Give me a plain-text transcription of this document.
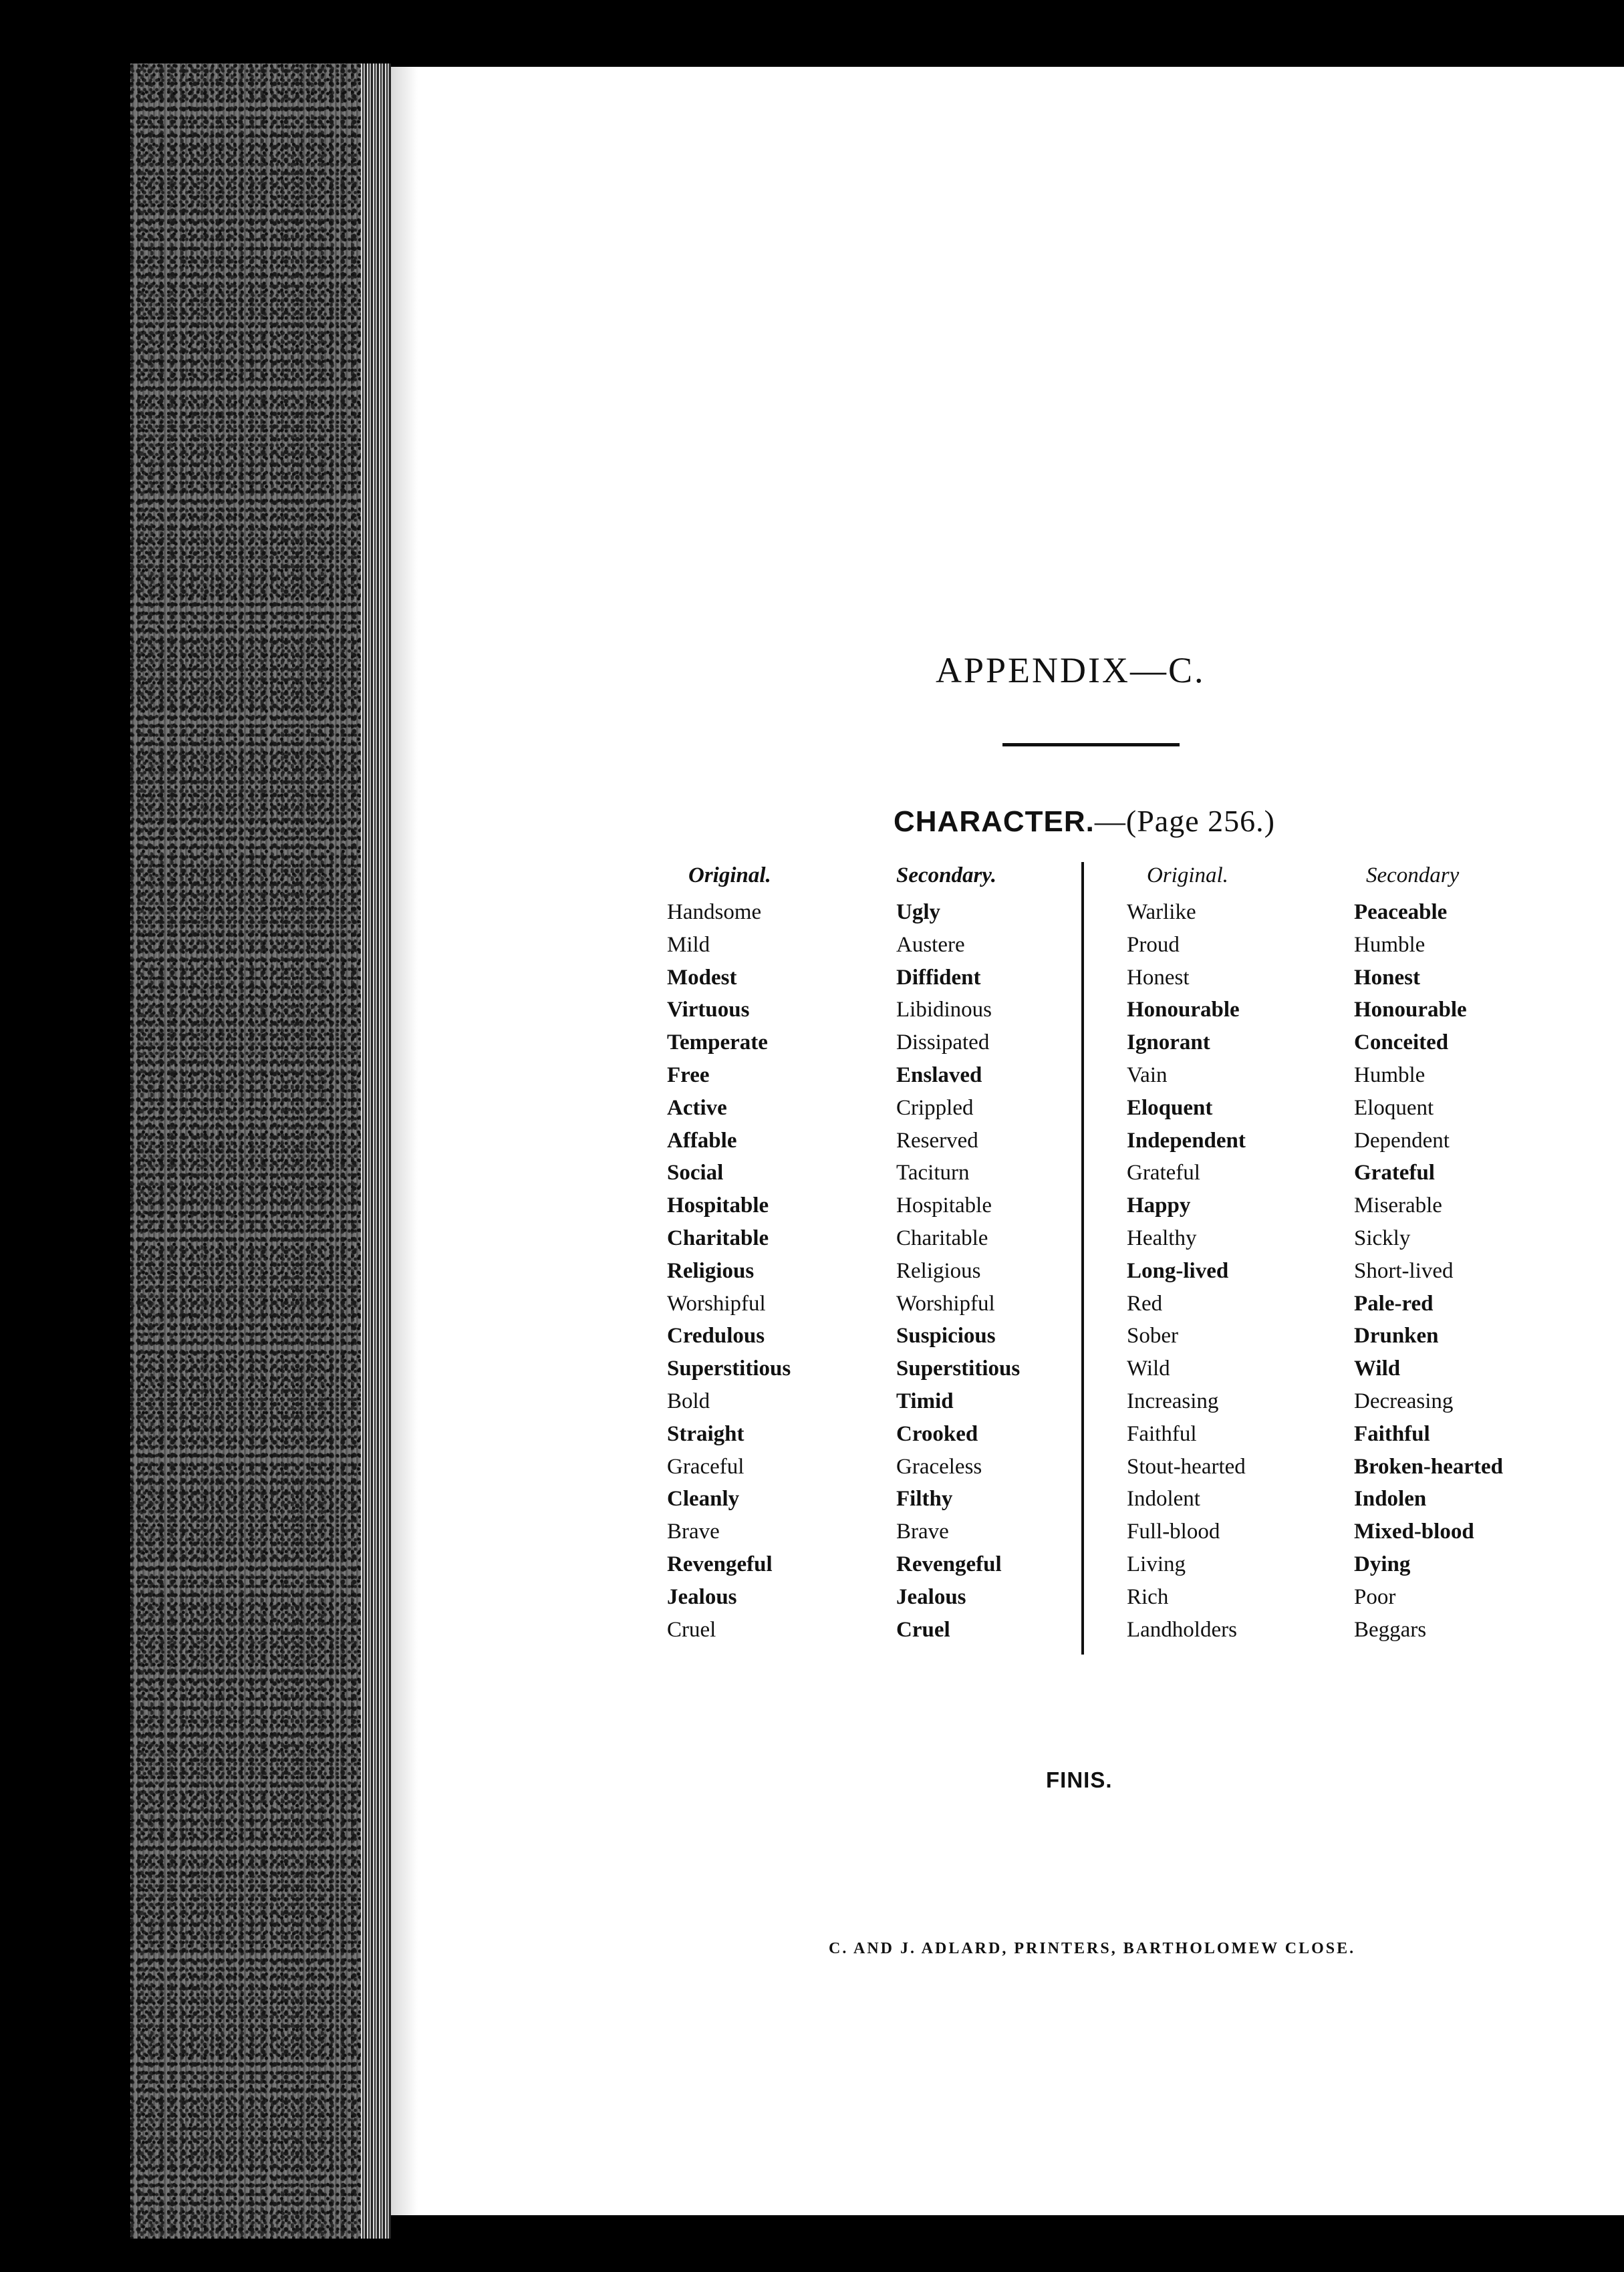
APPENDIX—C.
CHARACTER.—(Page 256.)
Original.
Handsome
Mild
Modest
Virtuous
Temperate
Free
Active
Affable
Social
Hospitable
Charitable
Religious
Worshipful
Credulous
Superstitious
Bold
Straight
Graceful
Cleanly
Brave
Revengeful
Jealous
Cruel
Secondary.
Ugly
Austere
Diffident
Libidinous
Dissipated
Enslaved
Crippled
Reserved
Taciturn
Hospitable
Charitable
Religious
Worshipful
Suspicious
Superstitious
Timid
Crooked
Graceless
Filthy
Brave
Revengeful
Jealous
Cruel
Original.
Warlike
Proud
Honest
Honourable
Ignorant
Vain
Eloquent
Independent
Grateful
Happy
Healthy
Long-lived
Red
Sober
Wild
Increasing
Faithful
Stout-hearted
Indolent
Full-blood
Living
Rich
Landholders
Secondary
Peaceable
Humble
Honest
Honourable
Conceited
Humble
Eloquent
Dependent
Grateful
Miserable
Sickly
Short-lived
Pale-red
Drunken
Wild
Decreasing
Faithful
Broken-hearted
Indolen
Mixed-blood
Dying
Poor
Beggars
FINIS.
C. AND J. ADLARD, PRINTERS, BARTHOLOMEW CLOSE.
